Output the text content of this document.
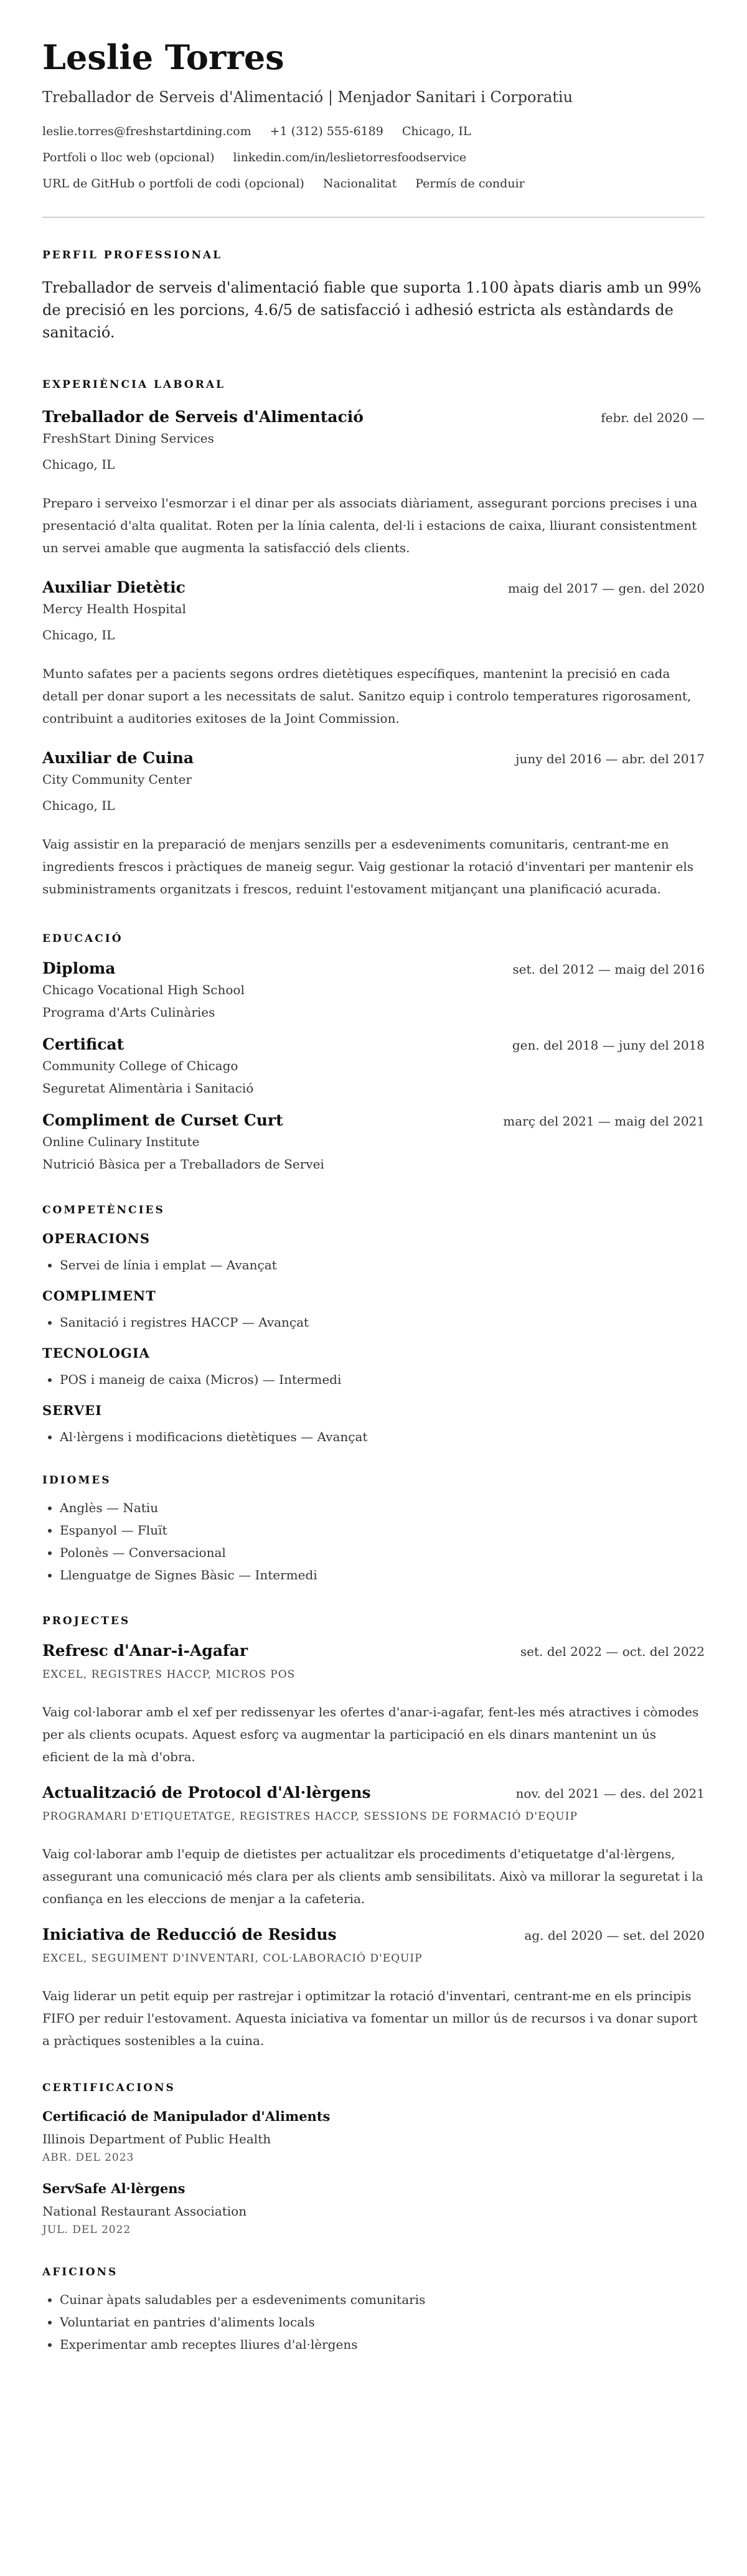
Leslie Torres
Treballador de Serveis d'Alimentació | Menjador Sanitari i Corporatiu
leslie.torres@freshstartdining.com +1 (312) 555-6189 Chicago, IL
Portfoli o lloc web (opcional) linkedin.com/in/leslietorresfoodservice
URL de GitHub o portfoli de codi (opcional) Nacionalitat Permís de conduir
PERFIL PROFESSIONAL
Treballador de serveis d'alimentació fiable que suporta 1.100 àpats diaris amb un 99% de precisió en les porcions, 4.6/5 de satisfacció i adhesió estricta als estàndards de sanitació.
EXPERIÈNCIA LABORAL
Treballador de Serveis d'Alimentació	febr. del 2020 —
FreshStart Dining Services
Chicago, IL
Preparo i serveixo l'esmorzar i el dinar per als associats diàriament, assegurant porcions precises i una presentació d'alta qualitat. Roten per la línia calenta, del·li i estacions de caixa, lliurant consistentment un servei amable que augmenta la satisfacció dels clients.
Auxiliar Dietètic	maig del 2017 — gen. del 2020
Mercy Health Hospital
Chicago, IL
Munto safates per a pacients segons ordres dietètiques específiques, mantenint la precisió en cada detall per donar suport a les necessitats de salut. Sanitzo equip i controlo temperatures rigorosament, contribuint a auditories exitoses de la Joint Commission.
Auxiliar de Cuina	juny del 2016 — abr. del 2017
City Community Center
Chicago, IL
Vaig assistir en la preparació de menjars senzills per a esdeveniments comunitaris, centrant-me en ingredients frescos i pràctiques de maneig segur. Vaig gestionar la rotació d'inventari per mantenir els subministraments organitzats i frescos, reduint l'estovament mitjançant una planificació acurada.
EDUCACIÓ
Diploma	set. del 2012 — maig del 2016
Chicago Vocational High School
Programa d'Arts Culinàries
Certificat	gen. del 2018 — juny del 2018
Community College of Chicago
Seguretat Alimentària i Sanitació
Compliment de Curset Curt	març del 2021 — maig del 2021
Online Culinary Institute
Nutrició Bàsica per a Treballadors de Servei
COMPETÈNCIES
OPERACIONS
• Servei de línia i emplat — Avançat
COMPLIMENT
• Sanitació i registres HACCP — Avançat
TECNOLOGIA
• POS i maneig de caixa (Micros) — Intermedi
SERVEI
• Al·lèrgens i modificacions dietètiques — Avançat
IDIOMES
• Anglès — Natiu
• Espanyol — Fluït
• Polonès — Conversacional
• Llenguatge de Signes Bàsic — Intermedi
PROJECTES
Refresc d'Anar-i-Agafar	set. del 2022 — oct. del 2022
EXCEL, REGISTRES HACCP, MICROS POS
Vaig col·laborar amb el xef per redissenyar les ofertes d'anar-i-agafar, fent-les més atractives i còmodes per als clients ocupats. Aquest esforç va augmentar la participació en els dinars mantenint un ús eficient de la mà d'obra.
Actualització de Protocol d'Al·lèrgens	nov. del 2021 — des. del 2021
PROGRAMARI D'ETIQUETATGE, REGISTRES HACCP, SESSIONS DE FORMACIÓ D'EQUIP
Vaig col·laborar amb l'equip de dietistes per actualitzar els procediments d'etiquetatge d'al·lèrgens, assegurant una comunicació més clara per als clients amb sensibilitats. Això va millorar la seguretat i la confiança en les eleccions de menjar a la cafeteria.
Iniciativa de Reducció de Residus	ag. del 2020 — set. del 2020
EXCEL, SEGUIMENT D'INVENTARI, COL·LABORACIÓ D'EQUIP
Vaig liderar un petit equip per rastrejar i optimitzar la rotació d'inventari, centrant-me en els principis FIFO per reduir l'estovament. Aquesta iniciativa va fomentar un millor ús de recursos i va donar suport a pràctiques sostenibles a la cuina.
CERTIFICACIONS
Certificació de Manipulador d'Aliments
Illinois Department of Public Health
ABR. DEL 2023
ServSafe Al·lèrgens
National Restaurant Association
JUL. DEL 2022
AFICIONS
• Cuinar àpats saludables per a esdeveniments comunitaris
• Voluntariat en pantries d'aliments locals
• Experimentar amb receptes lliures d'al·lèrgens
